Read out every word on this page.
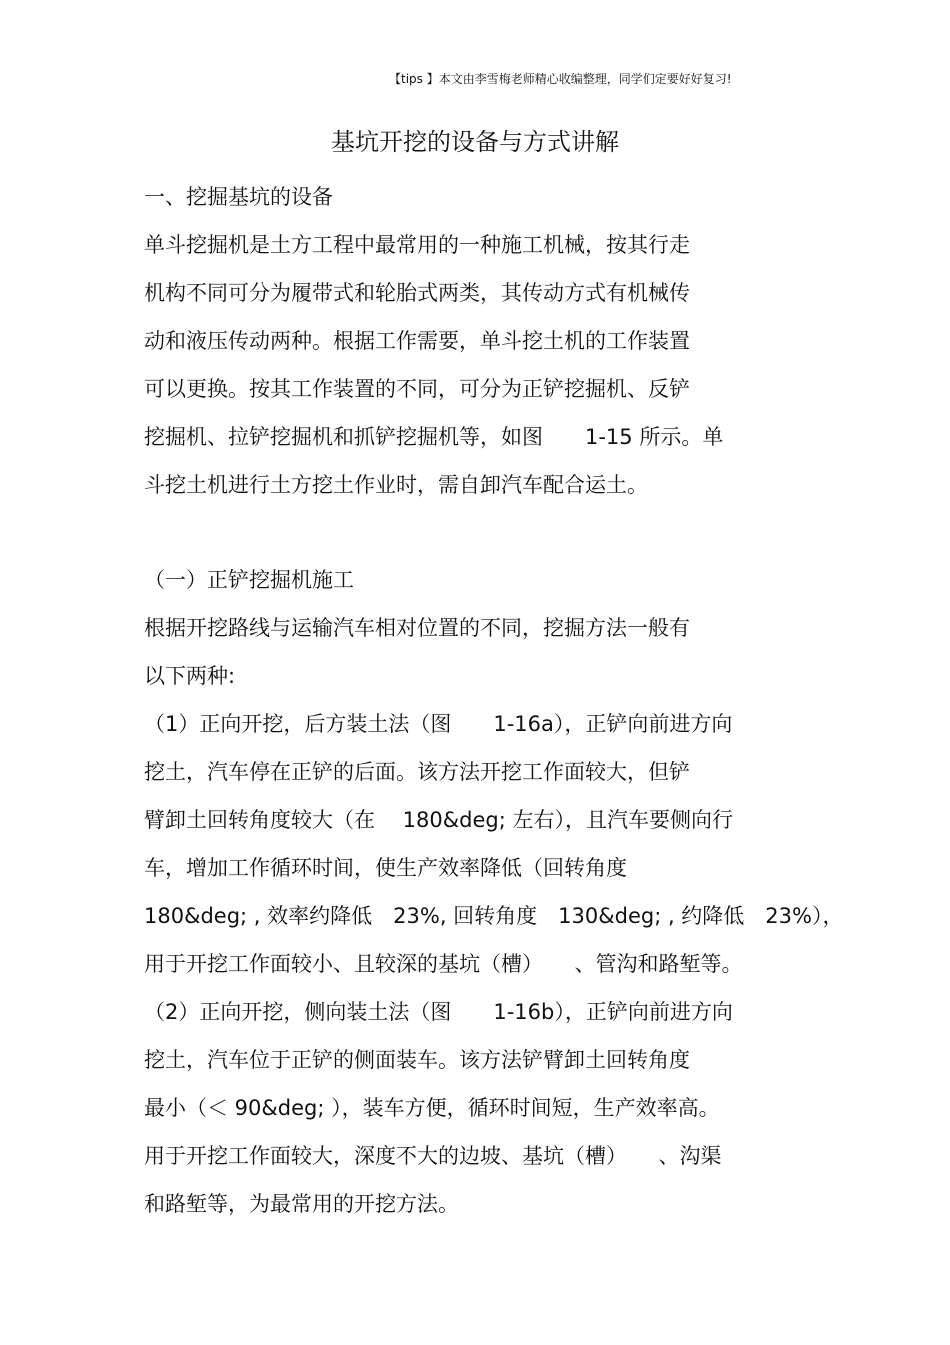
【tips 】本文由李雪梅老师精心收编整理，同学们定要好好复习!
基坑开挖的设备与方式讲解

一、挖掘基坑的设备

单斗挖掘机是土方工程中最常用的一种施工机械，按其行走

机构不同可分为履带式和轮胎式两类，其传动方式有机械传

动和液压传动两种。根据工作需要，单斗挖土机的工作装置

可以更换。按其工作装置的不同，可分为正铲挖掘机、反铲

挖掘机、拉铲挖掘机和抓铲挖掘机等，如图　　1-15 所示。单

斗挖土机进行土方挖土作业时，需自卸汽车配合运土。

（一）正铲挖掘机施工

根据开挖路线与运输汽车相对位置的不同，挖掘方法一般有

以下两种:

（1）正向开挖，后方装土法（图　　1-16a），正铲向前进方向

挖土，汽车停在正铲的后面。该方法开挖工作面较大，但铲

臂卸土回转角度较大（在　 180&deg; 左右），且汽车要侧向行

车，增加工作循环时间，使生产效率降低（回转角度

180&deg; , 效率约降低　23%, 回转角度　130&deg; , 约降低　23%），

用于开挖工作面较小、且较深的基坑（槽）　　、管沟和路堑等。

（2）正向开挖，侧向装土法（图　　1-16b），正铲向前进方向

挖土，汽车位于正铲的侧面装车。该方法铲臂卸土回转角度

最小（＜ 90&deg; ），装车方便，循环时间短，生产效率高。

用于开挖工作面较大，深度不大的边坡、基坑（槽）　　、沟渠

和路堑等，为最常用的开挖方法。
